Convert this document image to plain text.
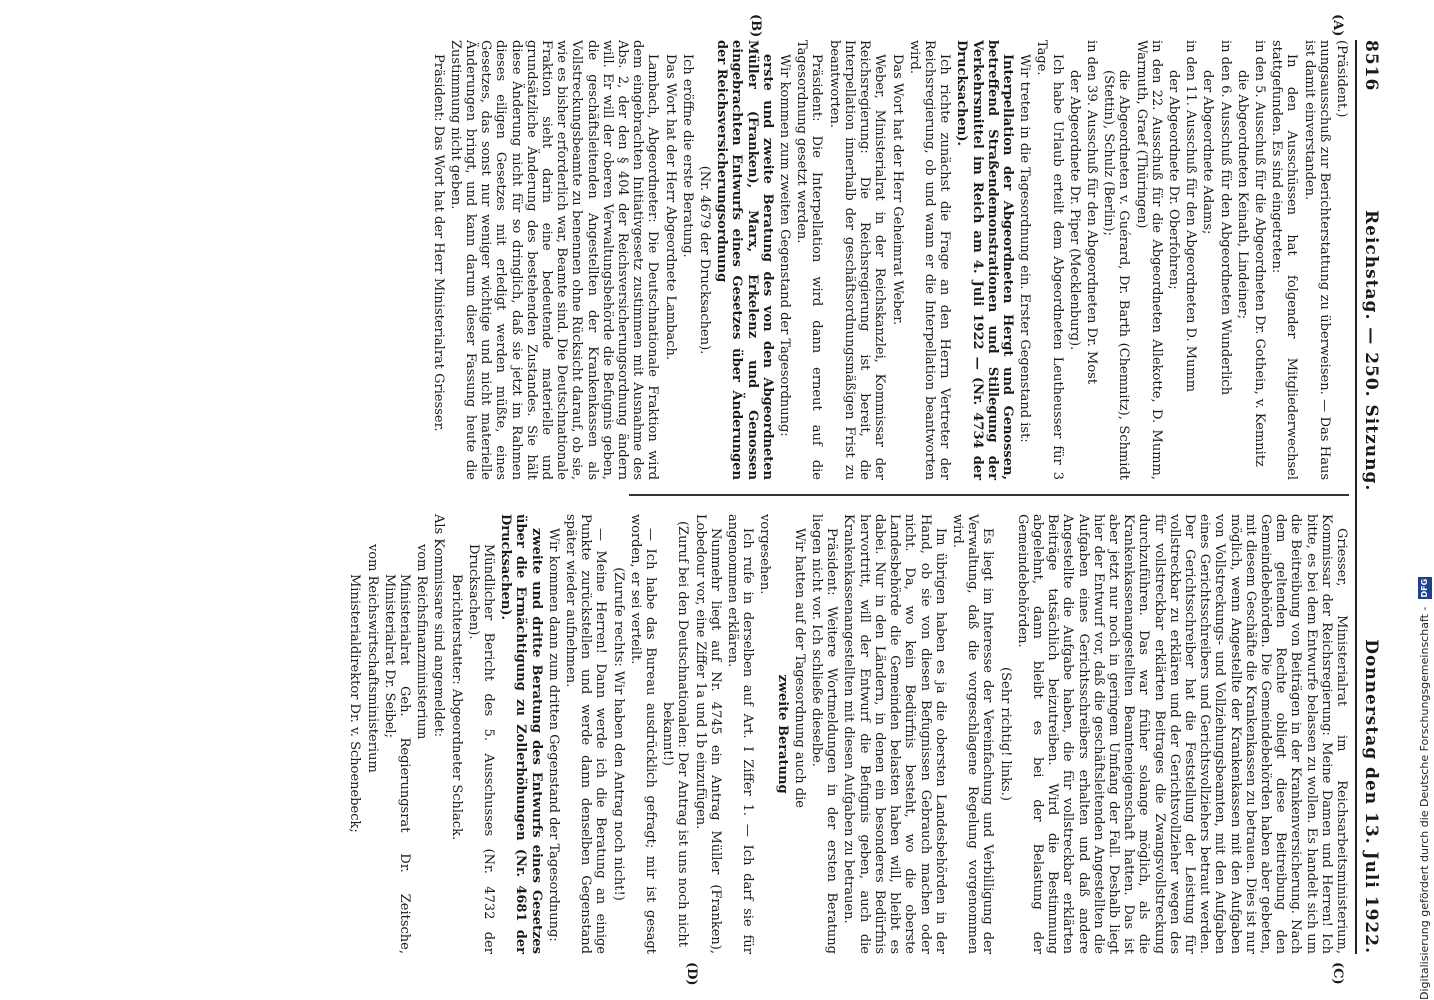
8516
Reichstag. — 250. Sitzung.
Donnerstag den 13. Juli 1922.
(A)
(B)
(C)
(D)

(Präsident.)

nungsausschuß zur Berichterstattung zu überweisen. — Das Haus ist damit einverstanden.

In den Ausschüssen hat folgender Mitgliederwechsel stattgefunden. Es sind eingetreten:

in den 5. Ausschuß für die Abgeordneten Dr. Gothein, v. Kemnitz

die Abgeordneten Keinath, Lindeiner;

in den 6. Ausschuß für den Abgeordneten Wunderlich

der Abgeordnete Adams;

in den 11. Ausschuß für den Abgeordneten D. Mumm

der Abgeordnete Dr. Oberfohren;

in den 22. Ausschuß für die Abgeordneten Allekotte, D. Mumm, Warmuth, Graef (Thüringen)

die Abgeordneten v. Guérard, Dr. Barth (Chemnitz), Schmidt (Stettin), Schulz (Berlin);

in den 39. Ausschuß für den Abgeordneten Dr. Most

der Abgeordnete Dr. Piper (Mecklenburg).

Ich habe Urlaub erteilt dem Abgeordneten Leutheusser für 3 Tage.

Wir treten in die Tagesordnung ein. Erster Gegenstand ist:

Interpellation der Abgeordneten Hergt und Genossen, betreffend Straßendemonstrationen und Stillegung der Verkehrsmittel im Reich am 4. Juli 1922 — (Nr. 4734 der Drucksachen).

Ich richte zunächst die Frage an den Herrn Vertreter der Reichsregierung, ob und wann er die Interpellation beantworten wird.

Das Wort hat der Herr Geheimrat Weber.

Weber, Ministerialrat in der Reichskanzlei, Kommissar der Reichsregierung: Die Reichsregierung ist bereit, die Interpellation innerhalb der geschäftsordnungsmäßigen Frist zu beantworten.

Präsident: Die Interpellation wird dann erneut auf die Tagesordnung gesetzt werden.

Wir kommen zum zweiten Gegenstand der Tagesordnung:

erste und zweite Beratung des von den Abgeordneten Müller (Franken), Marx, Erkelenz und Genossen eingebrachten Entwurfs eines Gesetzes über Änderungen der Reichsversicherungsordnung

(Nr. 4679 der Drucksachen).

Ich eröffne die erste Beratung.

Das Wort hat der Herr Abgeordnete Lambach.

Lambach, Abgeordneter: Die Deutschnationale Fraktion wird dem eingebrachten Initiativgesetz zustimmen mit Ausnahme des Abs. 2, der den § 404 der Reichsversicherungsordnung ändern will. Er will der oberen Verwaltungsbehörde die Befugnis geben, die geschäftsleitenden Angestellten der Krankenkassen als Vollstreckungsbeamte zu benennen ohne Rücksicht darauf, ob sie, wie es bisher erforderlich war, Beamte sind. Die Deutschnationale Fraktion sieht darin eine bedeutende materielle und grundsätzliche Änderung des bestehenden Zustandes. Sie hält diese Änderung nicht für so dringlich, daß sie jetzt im Rahmen dieses eiligen Gesetzes mit erledigt werden müßte, eines Gesetzes, das sonst nur weniger wichtige und nicht materielle Änderungen bringt, und kann darum dieser Fassung heute die Zustimmung nicht geben.

Präsident: Das Wort hat der Herr Ministerialrat Griesser.

Griesser, Ministerialrat im Reichsarbeitsministerium, Kommissar der Reichsregierung: Meine Damen und Herren! Ich bitte, es bei dem Entwurfe belassen zu wollen. Es handelt sich um die Beitreibung von Beiträgen in der Krankenversicherung. Nach dem geltenden Rechte obliegt diese Beitreibung den Gemeindebehörden. Die Gemeindebehörden haben aber gebeten, mit diesem Geschäfte die Krankenkassen zu betrauen. Dies ist nur möglich, wenn Angestellte der Krankenkassen mit den Aufgaben von Vollstreckungs- und Vollziehungsbeamten, mit den Aufgaben eines Gerichtsschreibers und Gerichtsvollziehers betraut werden. Der Gerichtsschreiber hat die Feststellung der Leistung für vollstreckbar zu erklären und der Gerichtsvollzieher wegen des für vollstreckbar erklärten Beitrages die Zwangsvollstreckung durchzuführen. Das war früher solange möglich, als die Krankenkassenangestellten Beamteneigenschaft hatten. Das ist aber jetzt nur noch in geringem Umfang der Fall. Deshalb liegt hier der Entwurf vor, daß die geschäftsleitenden Angestellten die Aufgaben eines Gerichtsschreibers erhalten und daß andere Angestellte die Aufgabe haben, die für vollstreckbar erklärten Beiträge tatsächlich beizutreiben. Wird die Bestimmung abgelehnt, dann bleibt es bei der Belastung der Gemeindebehörden.

(Sehr richtig! links.)

Es liegt im Interesse der Vereinfachung und Verbilligung der Verwaltung, daß die vorgeschlagene Regelung vorgenommen wird.

Im übrigen haben es ja die obersten Landesbehörden in der Hand, ob sie von diesen Befugnissen Gebrauch machen oder nicht. Da, wo kein Bedürfnis besteht, wo die oberste Landesbehörde die Gemeinden belasten haben will, bleibt es dabei. Nur in den Ländern, in denen ein besonderes Bedürfnis hervortritt, will der Entwurf die Befugnis geben, auch die Krankenkassenangestellten mit diesen Aufgaben zu betrauen.

Präsident: Weitere Wortmeldungen in der ersten Beratung liegen nicht vor. Ich schließe dieselbe.

Wir hatten auf der Tagesordnung auch die

zweite Beratung

vorgesehen.

Ich rufe in derselben auf Art. I Ziffer 1. — Ich darf sie für angenommen erklären.

Nunmehr liegt auf Nr. 4745 ein Antrag Müller (Franken), Lobedour vor, eine Ziffer 1a und 1b einzufügen.

(Zuruf bei den Deutschnationalen: Der Antrag ist uns noch nicht bekannt!)

— Ich habe das Bureau ausdrücklich gefragt; mir ist gesagt worden, er sei verteilt.

(Zurufe rechts: Wir haben den Antrag noch nicht!)

— Meine Herren! Dann werde ich die Beratung an einige Punkte zurückstellen und werde dann denselben Gegenstand später wieder aufnehmen.

Wir kommen dann zum dritten Gegenstand der Tagesordnung:

zweite und dritte Beratung des Entwurfs eines Gesetzes über die Ermächtigung zu Zollerhöhungen (Nr. 4681 der Drucksachen).

Mündlicher Bericht des 5. Ausschusses (Nr. 4732 der Drucksachen).

Berichterstatter: Abgeordneter Schlack.

Als Kommissare sind angemeldet:

vom Reichsfinanzministerium

Ministerialrat Geh. Regierungsrat Dr. Zeitsche, Ministerialrat Dr. Seibel;

vom Reichswirtschaftsministerium

Ministerialdirektor Dr. v. Schoenebeck;	Digitalisierung gefördert durch die Deutsche Forschungsgemeinschaft - DFG
